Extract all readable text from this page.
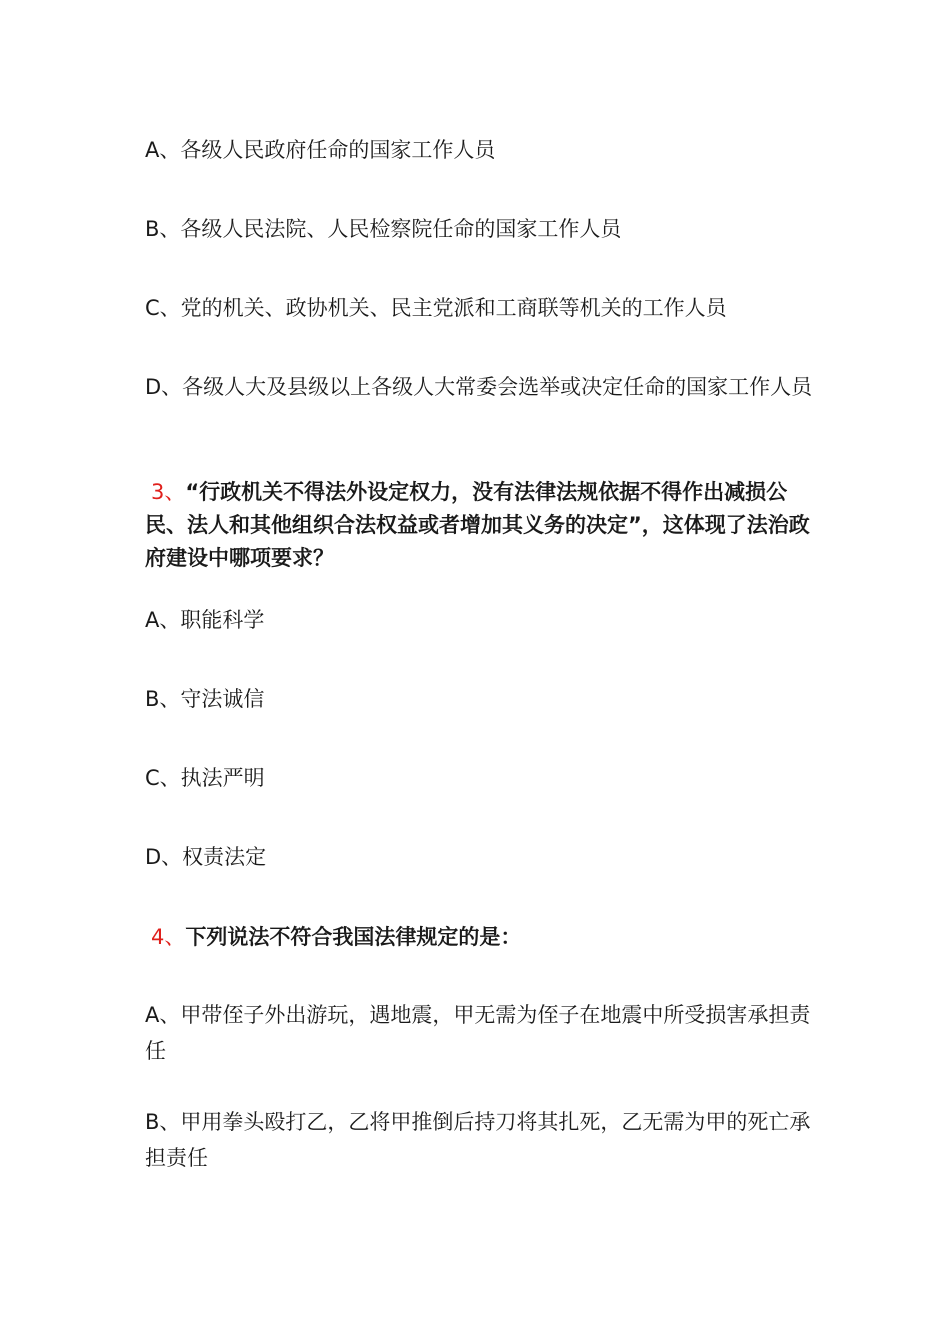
A、各级人民政府任命的国家工作人员
B、各级人民法院、人民检察院任命的国家工作人员
C、党的机关、政协机关、民主党派和工商联等机关的工作人员
D、各级人大及县级以上各级人大常委会选举或决定任命的国家工作人员
3、“行政机关不得法外设定权力，没有法律法规依据不得作出减损公民、法人和其他组织合法权益或者增加其义务的决定”，这体现了法治政府建设中哪项要求？
A、职能科学
B、守法诚信
C、执法严明
D、权责法定
4、下列说法不符合我国法律规定的是：
A、甲带侄子外出游玩，遇地震，甲无需为侄子在地震中所受损害承担责任
B、甲用拳头殴打乙，乙将甲推倒后持刀将其扎死，乙无需为甲的死亡承担责任
